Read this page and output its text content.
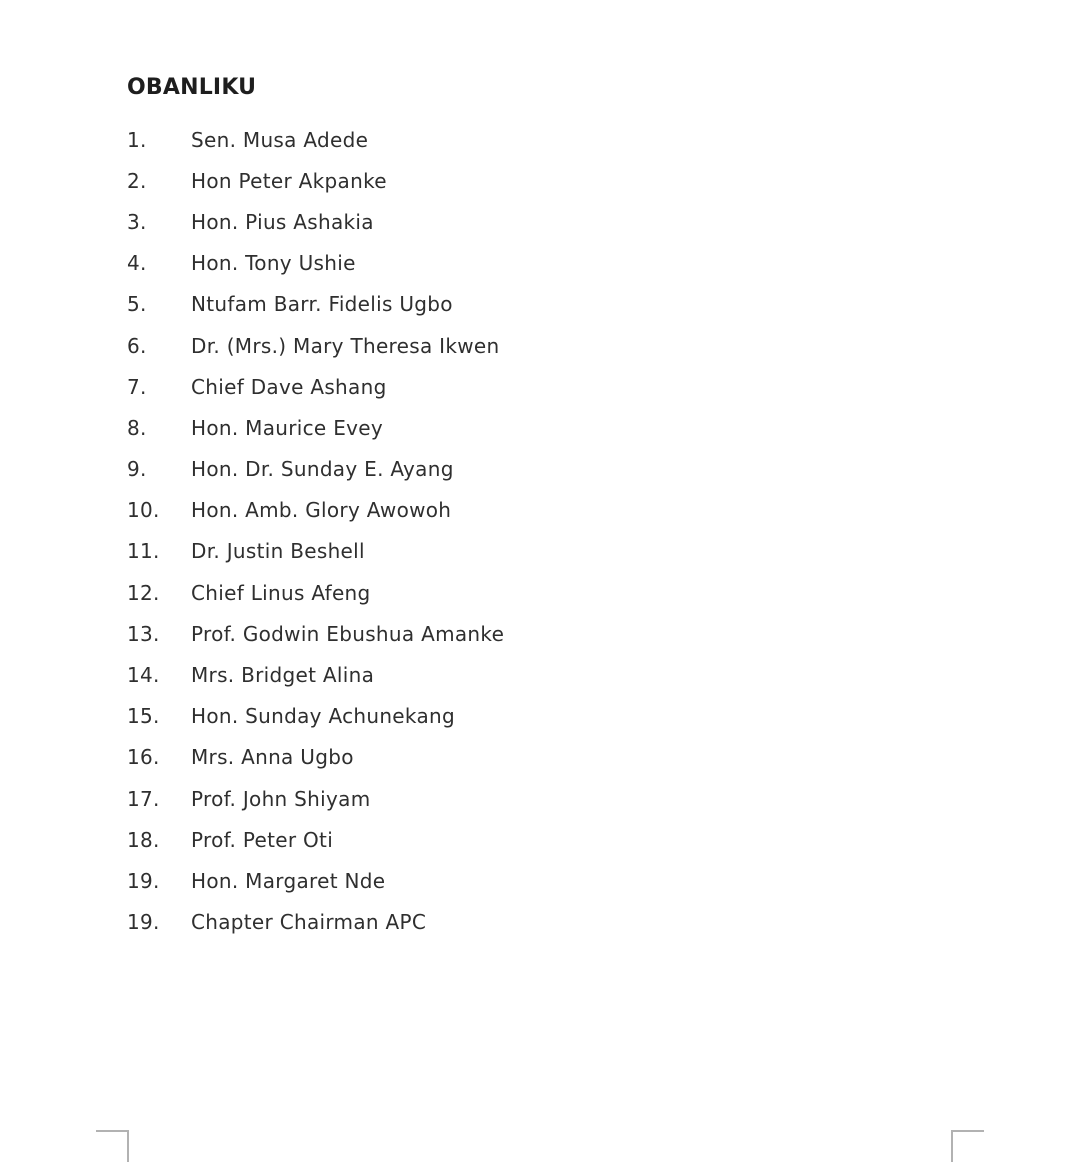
OBANLIKU
1.	Sen. Musa Adede
2.	Hon Peter Akpanke
3.	Hon. Pius Ashakia
4.	Hon. Tony Ushie
5.	Ntufam Barr. Fidelis Ugbo
6.	Dr. (Mrs.) Mary Theresa Ikwen
7.	Chief Dave Ashang
8.	Hon. Maurice Evey
9.	Hon. Dr. Sunday E. Ayang
10.	Hon. Amb. Glory Awowoh
11.	Dr. Justin Beshell
12.	Chief Linus Afeng
13.	Prof. Godwin Ebushua Amanke
14.	Mrs. Bridget Alina
15.	Hon. Sunday Achunekang
16.	Mrs. Anna Ugbo
17.	Prof. John Shiyam
18.	Prof. Peter Oti
19.	Hon. Margaret Nde
19.	Chapter Chairman APC
